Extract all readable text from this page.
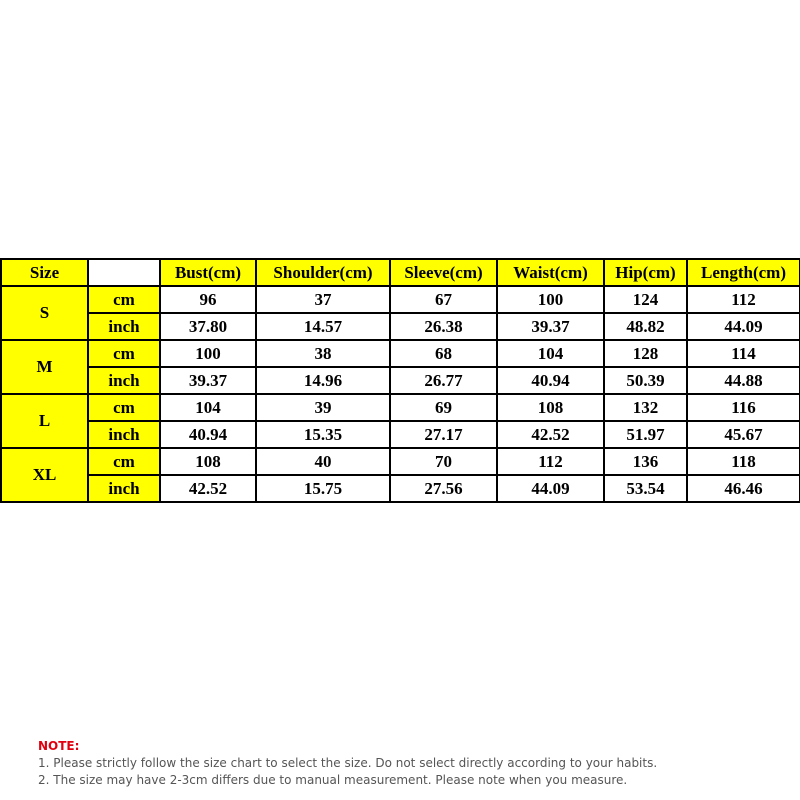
Size		Bust(cm)	Shoulder(cm)	Sleeve(cm)	Waist(cm)	Hip(cm)	Length(cm)
S	cm	96	37	67	100	124	112
	inch	37.80	14.57	26.38	39.37	48.82	44.09
M	cm	100	38	68	104	128	114
	inch	39.37	14.96	26.77	40.94	50.39	44.88
L	cm	104	39	69	108	132	116
	inch	40.94	15.35	27.17	42.52	51.97	45.67
XL	cm	108	40	70	112	136	118
	inch	42.52	15.75	27.56	44.09	53.54	46.46
NOTE:
1. Please strictly follow the size chart to select the size. Do not select directly according to your habits.
2. The size may have 2-3cm differs due to manual measurement. Please note when you measure.
